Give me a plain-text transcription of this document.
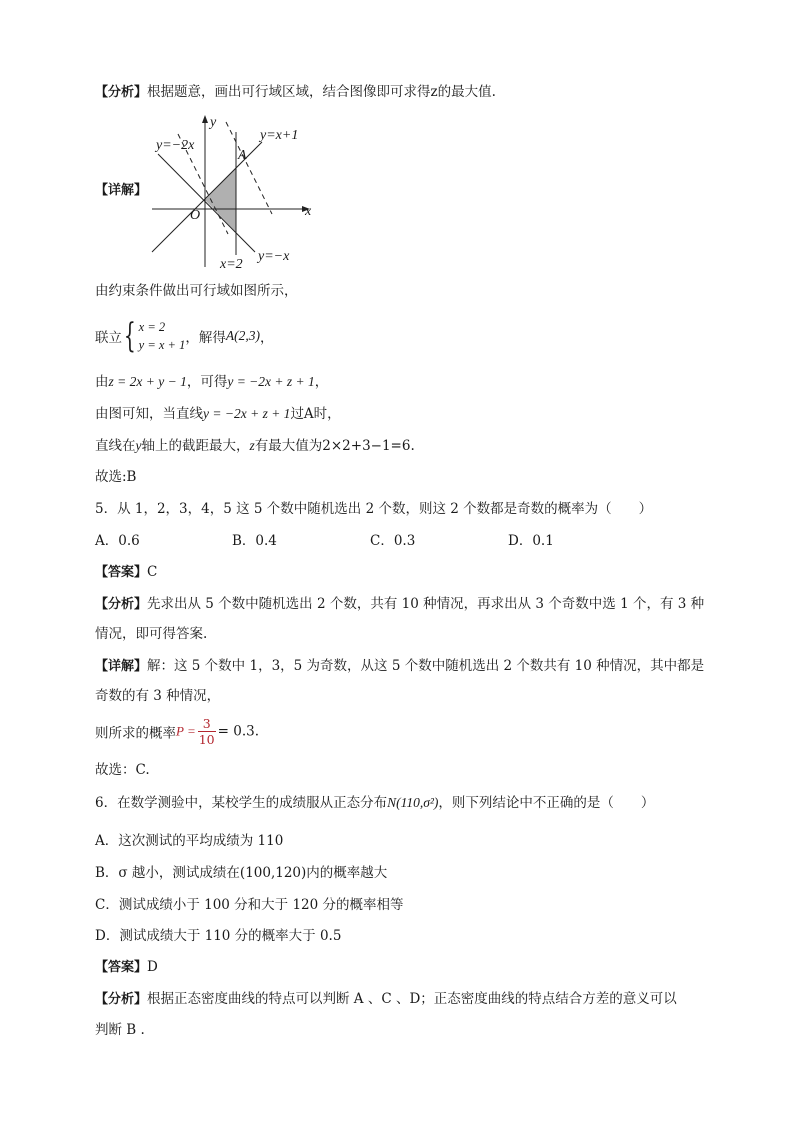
【分析】根据题意，画出可行域区域，结合图像即可求得z的最大值.
【详解】
y
x
O
A
y=−2x
y=x+1
x=2
y=−x
由约束条件做出可行域如图所示，
联立{ x = 2
y = x + 1 ，解得A(2,3)，
由z = 2x + y − 1，可得y = −2x + z + 1，
由图可知，当直线y = −2x + z + 1过A时，
直线在y轴上的截距最大，z有最大值为2×2+3−1=6.
故选:B
5．从 1，2，3，4，5 这 5 个数中随机选出 2 个数，则这 2 个数都是奇数的概率为（　　）
A．0.6	B．0.4	C．0.3	D．0.1
【答案】C
【分析】先求出从 5 个数中随机选出 2 个数，共有 10 种情况，再求出从 3 个奇数中选 1 个，有 3 种
情况，即可得答案.
【详解】解：这 5 个数中 1，3，5 为奇数，从这 5 个数中随机选出 2 个数共有 10 种情况，其中都是
奇数的有 3 种情况，
则所求的概率$P = \frac{3}{10} = 0.3$.
故选：C.
6．在数学测验中，某校学生的成绩服从正态分布N(110,σ²)，则下列结论中不正确的是（　　）
A．这次测试的平均成绩为 110
B．σ 越小，测试成绩在(100,120)内的概率越大
C．测试成绩小于 100 分和大于 120 分的概率相等
D．测试成绩大于 110 分的概率大于 0.5
【答案】D
【分析】根据正态密度曲线的特点可以判断 A 、C 、D；正态密度曲线的特点结合方差的意义可以
判断 B .
